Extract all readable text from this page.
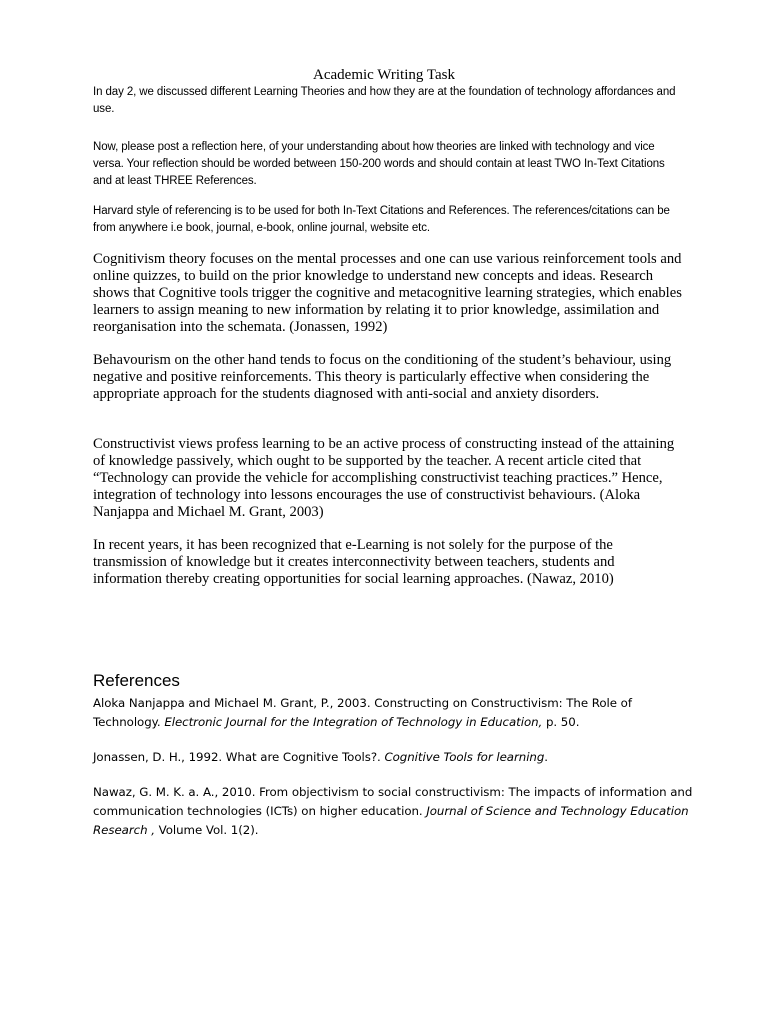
Academic Writing Task

In day 2, we discussed different Learning Theories and how they are at the foundation of technology affordances and use.

Now, please post a reflection here, of your understanding about how theories are linked with technology and vice versa. Your reflection should be worded between 150-200 words and should contain at least TWO In-Text Citations and at least THREE References.

Harvard style of referencing is to be used for both In-Text Citations and References. The references/citations can be from anywhere i.e book, journal, e-book, online journal, website etc.

Cognitivism theory focuses on the mental processes and one can use various reinforcement tools and online quizzes, to build on the prior knowledge to understand new concepts and ideas. Research shows that Cognitive tools trigger the cognitive and metacognitive learning strategies, which enables learners to assign meaning to new information by relating it to prior knowledge, assimilation and reorganisation into the schemata. (Jonassen, 1992)

Behavourism on the other hand tends to focus on the conditioning of the student’s behaviour, using negative and positive reinforcements. This theory is particularly effective when considering the appropriate approach for the students diagnosed with anti-social and anxiety disorders.

Constructivist views profess learning to be an active process of constructing instead of the attaining of knowledge passively, which ought to be supported by the teacher. A recent article cited that “Technology can provide the vehicle for accomplishing constructivist teaching practices.” Hence, integration of technology into lessons encourages the use of constructivist behaviours. (Aloka Nanjappa and Michael M. Grant, 2003)

In recent years, it has been recognized that e-Learning is not solely for the purpose of the transmission of knowledge but it creates interconnectivity between teachers, students and information thereby creating opportunities for social learning approaches. (Nawaz, 2010)

References

Aloka Nanjappa and Michael M. Grant, P., 2003. Constructing on Constructivism: The Role of Technology. Electronic Journal for the Integration of Technology in Education, p. 50.

Jonassen, D. H., 1992. What are Cognitive Tools?. Cognitive Tools for learning.

Nawaz, G. M. K. a. A., 2010. From objectivism to social constructivism: The impacts of information and communication technologies (ICTs) on higher education. Journal of Science and Technology Education Research , Volume Vol. 1(2).
